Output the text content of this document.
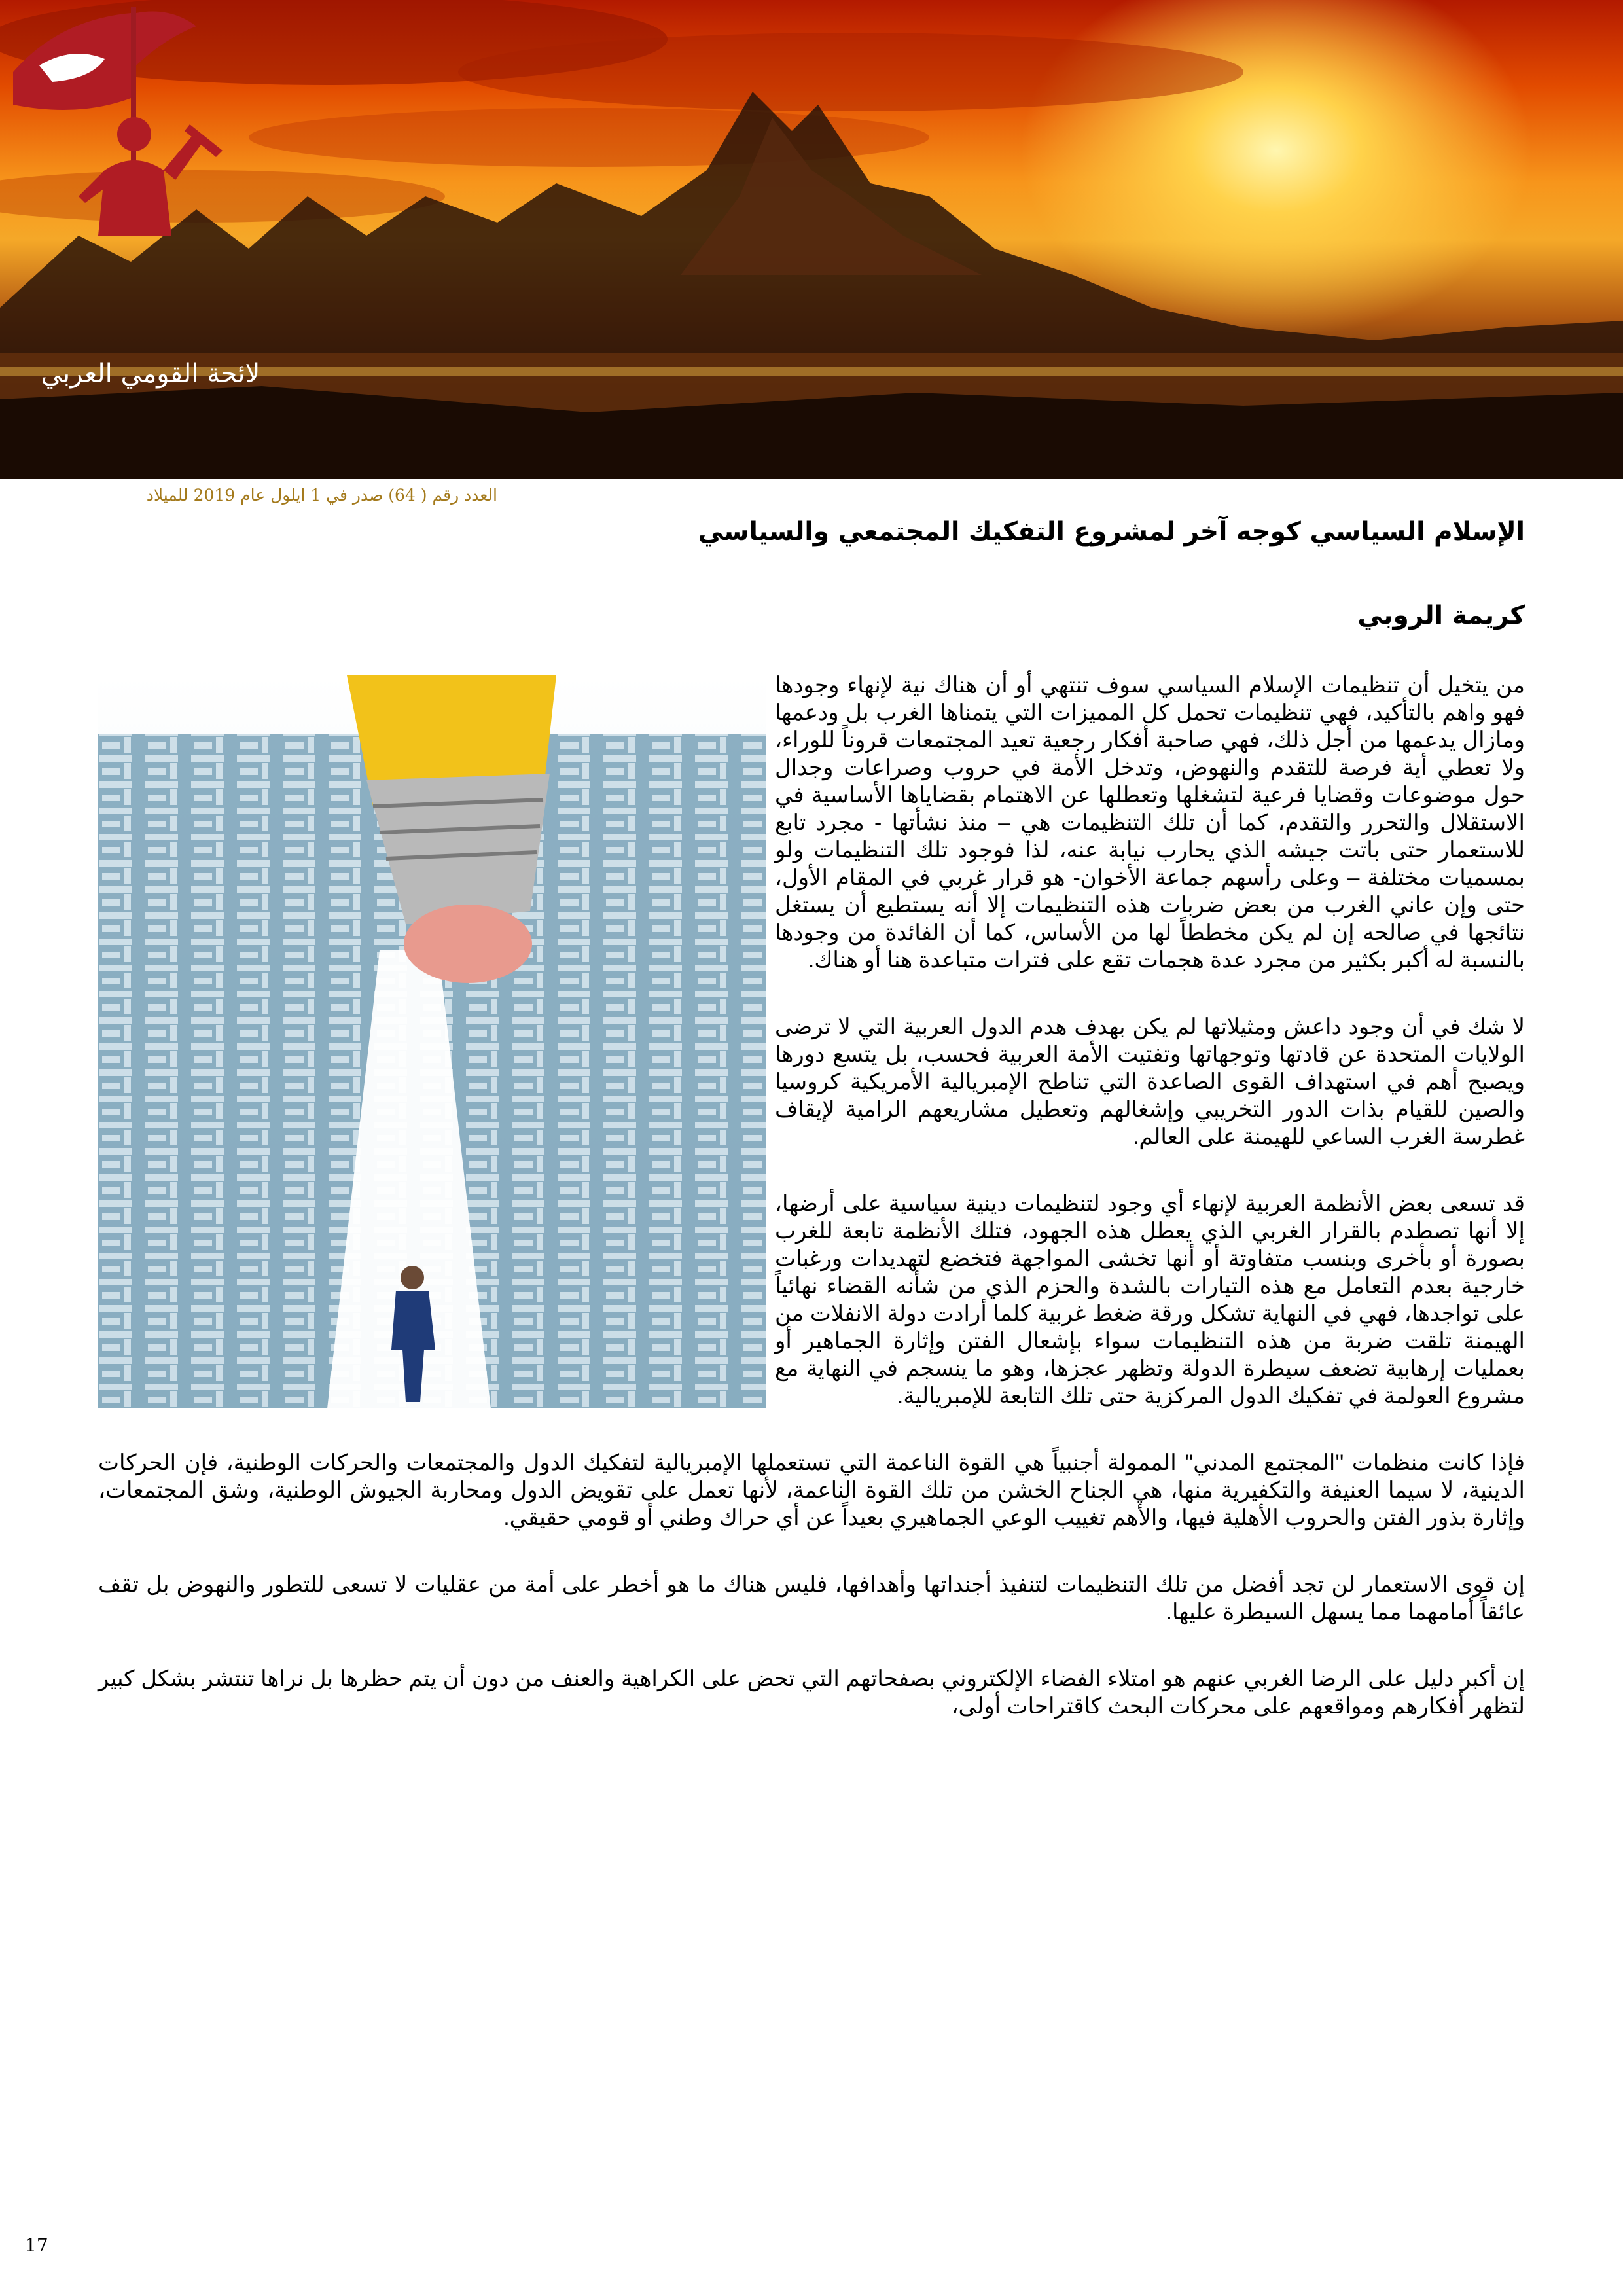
لائحة القومي العربي
العدد رقم ( 64) صدر في 1 ايلول عام 2019 للميلاد
الإسلام السياسي كوجه آخر لمشروع التفكيك المجتمعي والسياسي
كريمة الروبي

من يتخيل أن تنظيمات الإسلام السياسي سوف تنتهي أو أن هناك نية لإنهاء وجودها فهو واهم بالتأكيد، فهي تنظيمات تحمل كل المميزات التي يتمناها الغرب بل ودعمها ومازال يدعمها من أجل ذلك، فهي صاحبة أفكار رجعية تعيد المجتمعات قروناً للوراء، ولا تعطي أية فرصة للتقدم والنهوض، وتدخل الأمة في حروب وصراعات وجدال حول موضوعات وقضايا فرعية لتشغلها وتعطلها عن الاهتمام بقضاياها الأساسية في الاستقلال والتحرر والتقدم، كما أن تلك التنظيمات هي – منذ نشأتها - مجرد تابع للاستعمار حتى باتت جيشه الذي يحارب نيابة عنه، لذا فوجود تلك التنظيمات ولو بمسميات مختلفة – وعلى رأسهم جماعة الأخوان- هو قرار غربي في المقام الأول، حتى وإن عاني الغرب من بعض ضربات هذه التنظيمات إلا أنه يستطيع أن يستغل نتائجها في صالحه إن لم يكن مخططاً لها من الأساس، كما أن الفائدة من وجودها بالنسبة له أكبر بكثير من مجرد عدة هجمات تقع على فترات متباعدة هنا أو هناك.

لا شك في أن وجود داعش ومثيلاتها لم يكن بهدف هدم الدول العربية التي لا ترضى الولايات المتحدة عن قادتها وتوجهاتها وتفتيت الأمة العربية فحسب، بل يتسع دورها ويصبح أهم في استهداف القوى الصاعدة التي تناطح الإمبريالية الأمريكية كروسيا والصين للقيام بذات الدور التخريبي وإشغالهم وتعطيل مشاريعهم الرامية لإيقاف غطرسة الغرب الساعي للهيمنة على العالم.

قد تسعى بعض الأنظمة العربية لإنهاء أي وجود لتنظيمات دينية سياسية على أرضها، إلا أنها تصطدم بالقرار الغربي الذي يعطل هذه الجهود، فتلك الأنظمة تابعة للغرب بصورة أو بأخرى وبنسب متفاوتة أو أنها تخشى المواجهة فتخضع لتهديدات ورغبات خارجية بعدم التعامل مع هذه التيارات بالشدة والحزم الذي من شأنه القضاء نهائياً على تواجدها، فهي في النهاية تشكل ورقة ضغط غربية كلما أرادت دولة الانفلات من الهيمنة تلقت ضربة من هذه التنظيمات سواء بإشعال الفتن وإثارة الجماهير أو بعمليات إرهابية تضعف سيطرة الدولة وتظهر عجزها، وهو ما ينسجم في النهاية مع مشروع العولمة في تفكيك الدول المركزية حتى تلك التابعة للإمبريالية.

فإذا كانت منظمات ''المجتمع المدني'' الممولة أجنبياً هي القوة الناعمة التي تستعملها الإمبريالية لتفكيك الدول والمجتمعات والحركات الوطنية، فإن الحركات الدينية، لا سيما العنيفة والتكفيرية منها، هي الجناح الخشن من تلك القوة الناعمة، لأنها تعمل على تقويض الدول ومحاربة الجيوش الوطنية، وشق المجتمعات، وإثارة بذور الفتن والحروب الأهلية فيها، والأهم تغييب الوعي الجماهيري بعيداً عن أي حراك وطني أو قومي حقيقي.

إن قوى الاستعمار لن تجد أفضل من تلك التنظيمات لتنفيذ أجنداتها وأهدافها، فليس هناك ما هو أخطر على أمة من عقليات لا تسعى للتطور والنهوض بل تقف عائقاً أمامهما مما يسهل السيطرة عليها.

إن أكبر دليل على الرضا الغربي عنهم هو امتلاء الفضاء الإلكتروني بصفحاتهم التي تحض على الكراهية والعنف من دون أن يتم حظرها بل نراها تنتشر بشكل كبير لتظهر أفكارهم ومواقعهم على محركات البحث كاقتراحات أولى،

17
